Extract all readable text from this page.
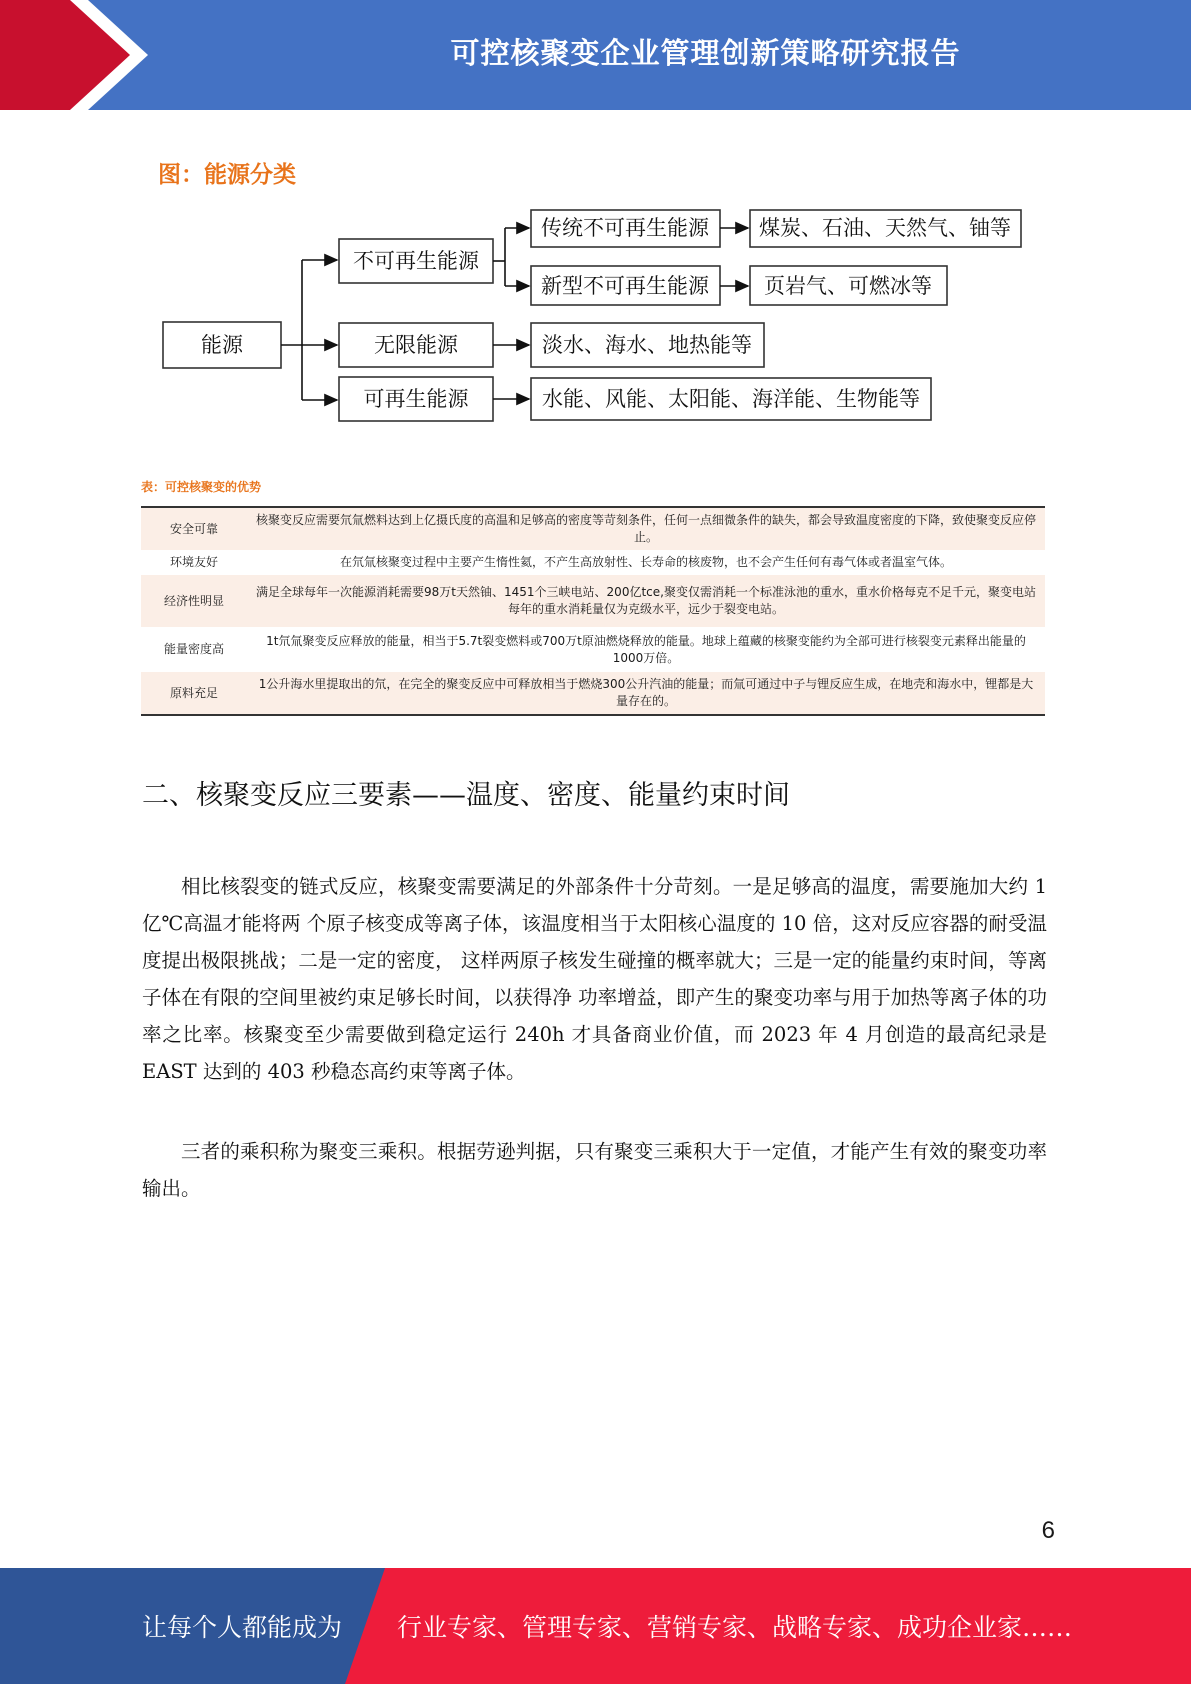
可控核聚变企业管理创新策略研究报告
图：能源分类
能源
不可再生能源
无限能源
可再生能源
传统不可再生能源
新型不可再生能源
淡水、海水、地热能等
水能、风能、太阳能、海洋能、生物能等
煤炭、石油、天然气、铀等
页岩气、可燃冰等
表：可控核聚变的优势
安全可靠	核聚变反应需要氘氚燃料达到上亿摄氏度的高温和足够高的密度等苛刻条件，任何一点细微条件的缺失，都会导致温度密度的下降，致使聚变反应停止。
环境友好	在氘氚核聚变过程中主要产生惰性氦，不产生高放射性、长寿命的核废物，也不会产生任何有毒气体或者温室气体。
经济性明显	满足全球每年一次能源消耗需要98万t天然铀、1451个三峡电站、200亿tce,聚变仅需消耗一个标准泳池的重水，重水价格每克不足千元，聚变电站每年的重水消耗量仅为克级水平，远少于裂变电站。
能量密度高	1t氘氚聚变反应释放的能量，相当于5.7t裂变燃料或700万t原油燃烧释放的能量。地球上蕴藏的核聚变能约为全部可进行核裂变元素释出能量的1000万倍。
原料充足	1公升海水里提取出的氘，在完全的聚变反应中可释放相当于燃烧300公升汽油的能量；而氚可通过中子与锂反应生成，在地壳和海水中，锂都是大量存在的。
二、核聚变反应三要素——温度、密度、能量约束时间
相比核裂变的链式反应，核聚变需要满足的外部条件十分苛刻。一是足够高的温度，需要施加大约 1 亿℃高温才能将两 个原子核变成等离子体，该温度相当于太阳核心温度的 10 倍，这对反应容器的耐受温度提出极限挑战；二是一定的密度， 这样两原子核发生碰撞的概率就大；三是一定的能量约束时间，等离子体在有限的空间里被约束足够长时间，以获得净 功率增益，即产生的聚变功率与用于加热等离子体的功率之比率。核聚变至少需要做到稳定运行 240h 才具备商业价值，而 2023 年 4 月创造的最高纪录是 EAST 达到的 403 秒稳态高约束等离子体。
三者的乘积称为聚变三乘积。根据劳逊判据，只有聚变三乘积大于一定值，才能产生有效的聚变功率输出。
6
让每个人都能成为 行业专家、管理专家、营销专家、战略专家、成功企业家……
